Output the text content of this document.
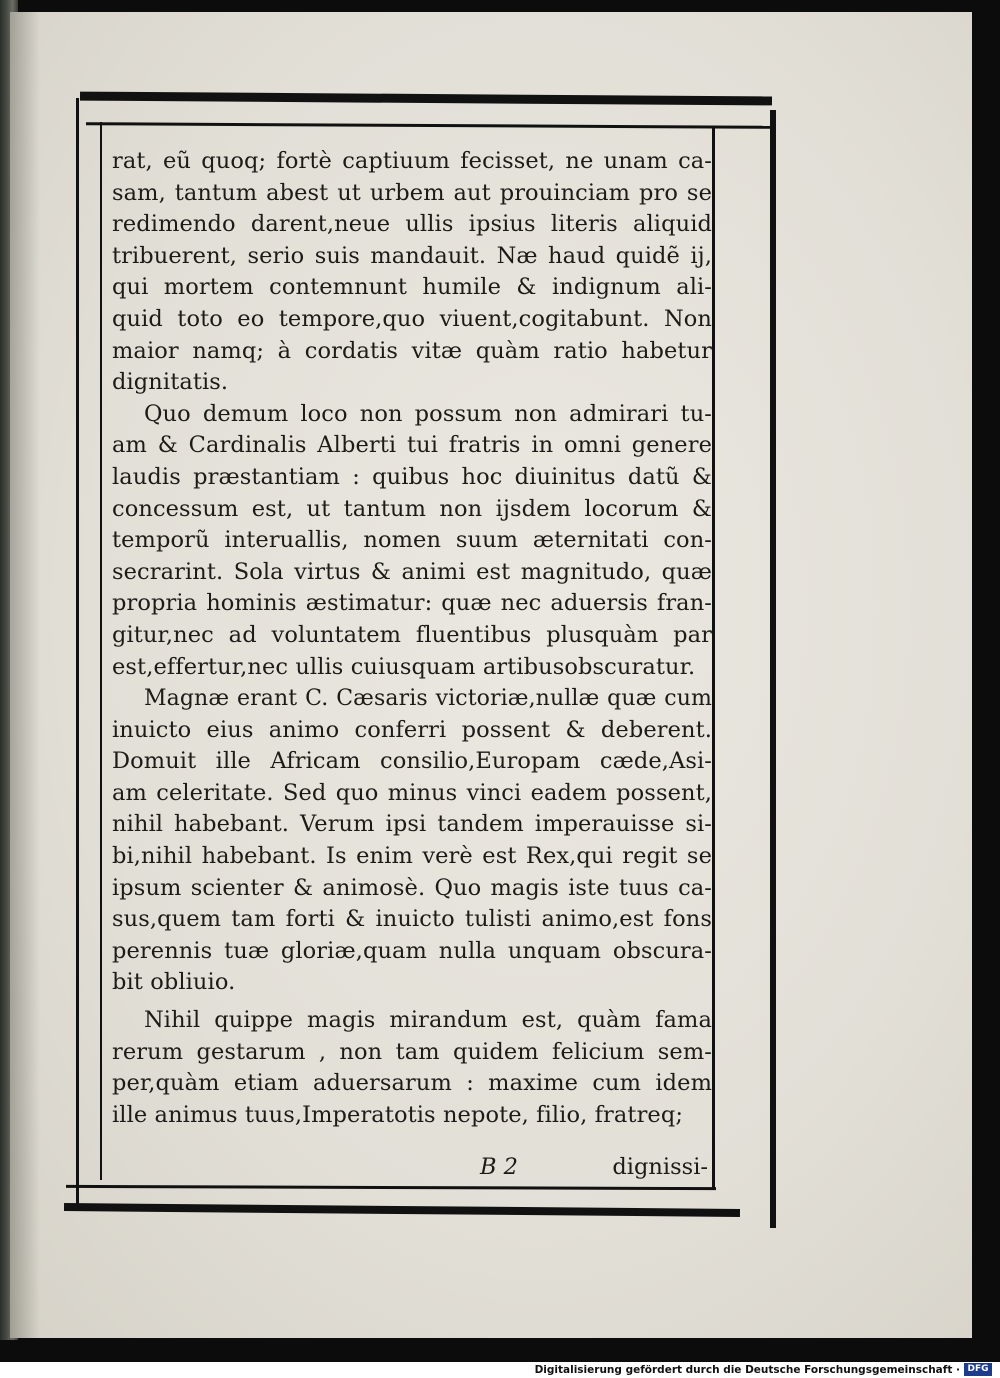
rat, eũ quoq; fortè captiuum fecisset, ne unam ca-
sam, tantum abest ut urbem aut prouinciam pro se
redimendo darent,neue ullis ipsius literis aliquid
tribuerent, serio suis mandauit. Næ haud quidẽ ij,
qui mortem contemnunt humile & indignum ali-
quid toto eo tempore,quo viuent,cogitabunt. Non
maior namq; à cordatis vitæ quàm ratio habetur
dignitatis.
Quo demum loco non possum non admirari tu-
am & Cardinalis Alberti tui fratris in omni genere
laudis præstantiam : quibus hoc diuinitus datũ &
concessum est, ut tantum non ijsdem locorum &
temporũ interuallis, nomen suum æternitati con-
secrarint. Sola virtus & animi est magnitudo, quæ
propria hominis æstimatur: quæ nec aduersis fran-
gitur,nec ad voluntatem fluentibus plusquàm par
est,effertur,nec ullis cuiusquam artibusobscuratur.
Magnæ erant C. Cæsaris victoriæ,nullæ quæ cum
inuicto eius animo conferri possent & deberent.
Domuit ille Africam consilio,Europam cæde,Asi-
am celeritate. Sed quo minus vinci eadem possent,
nihil habebant. Verum ipsi tandem imperauisse si-
bi,nihil habebant. Is enim verè est Rex,qui regit se
ipsum scienter & animosè. Quo magis iste tuus ca-
sus,quem tam forti & inuicto tulisti animo,est fons
perennis tuæ gloriæ,quam nulla unquam obscura-
bit obliuio.
Nihil quippe magis mirandum est, quàm fama
rerum gestarum , non tam quidem felicium sem-
per,quàm etiam aduersarum : maxime cum idem
ille animus tuus,Imperatotis nepote, filio, fratreq;
B 2	dignissi-
Digitalisierung gefördert durch die Deutsche Forschungsgemeinschaft · DFG
